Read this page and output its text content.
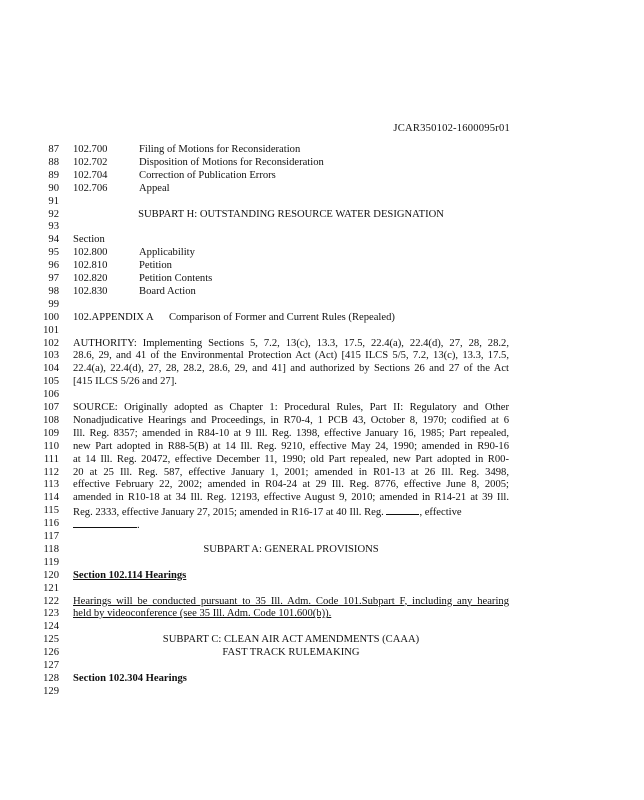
JCAR350102-1600095r01
87 102.700	Filing of Motions for Reconsideration
88 102.702	Disposition of Motions for Reconsideration
89 102.704	Correction of Publication Errors
90 102.706	Appeal
91
92	SUBPART H: OUTSTANDING RESOURCE WATER DESIGNATION
93
94 Section
95 102.800	Applicability
96 102.810	Petition
97 102.820	Petition Contents
98 102.830	Board Action
99
100 102.APPENDIX A      Comparison of Former and Current Rules (Repealed)
101
102 AUTHORITY: Implementing Sections 5, 7.2, 13(c), 13.3, 17.5, 22.4(a), 22.4(d), 27, 28, 28.2,
103 28.6, 29, and 41 of the Environmental Protection Act (Act) [415 ILCS 5/5, 7.2, 13(c), 13.3, 17.5,
104 22.4(a), 22.4(d), 27, 28, 28.2, 28.6, 29, and 41] and authorized by Sections 26 and 27 of the Act
105 [415 ILCS 5/26 and 27].
106
107 SOURCE: Originally adopted as Chapter 1: Procedural Rules, Part II: Regulatory and Other
108 Nonadjudicative Hearings and Proceedings, in R70-4, 1 PCB 43, October 8, 1970; codified at 6
109 Ill. Reg. 8357; amended in R84-10 at 9 Ill. Reg. 1398, effective January 16, 1985; Part repealed,
110 new Part adopted in R88-5(B) at 14 Ill. Reg. 9210, effective May 24, 1990; amended in R90-16
111 at 14 Ill. Reg. 20472, effective December 11, 1990; old Part repealed, new Part adopted in R00-
112 20 at 25 Ill. Reg. 587, effective January 1, 2001; amended in R01-13 at 26 Ill. Reg. 3498,
113 effective February 22, 2002; amended in R04-24 at 29 Ill. Reg. 8776, effective June 8, 2005;
114 amended in R10-18 at 34 Ill. Reg. 12193, effective August 9, 2010; amended in R14-21 at 39 Ill.
115 Reg. 2333, effective January 27, 2015; amended in R16-17 at 40 Ill. Reg.	, effective
116	.
117
118	SUBPART A: GENERAL PROVISIONS
119
120 Section 102.114 Hearings
121
122 Hearings will be conducted pursuant to 35 Ill. Adm. Code 101.Subpart F, including any hearing
123 held by videoconference (see 35 Ill. Adm. Code 101.600(b)).
124
125	SUBPART C: CLEAN AIR ACT AMENDMENTS (CAAA)
126	FAST TRACK RULEMAKING
127
128 Section 102.304 Hearings
129
